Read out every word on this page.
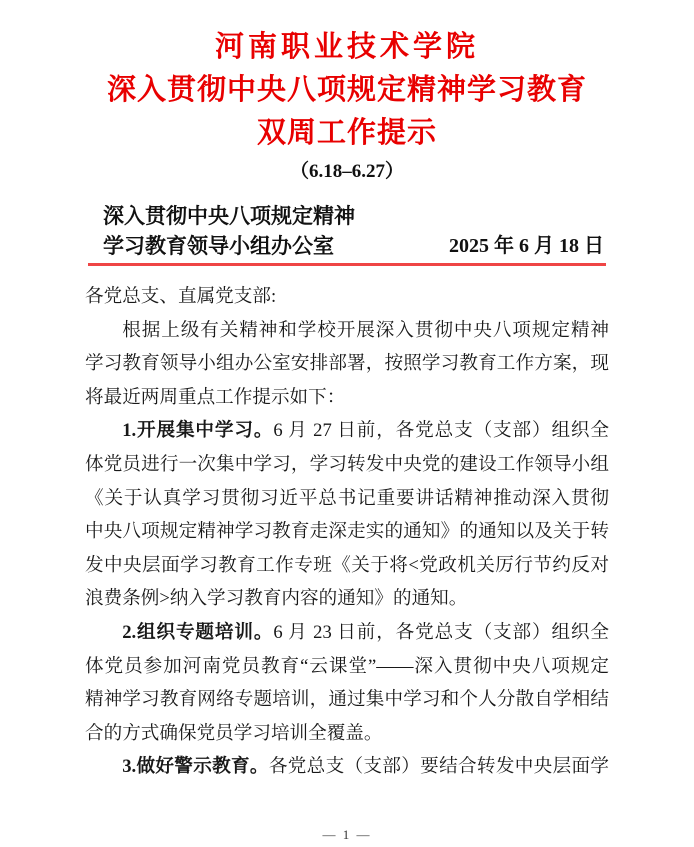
河南职业技术学院
深入贯彻中央八项规定精神学习教育
双周工作提示
（6.18–6.27）
深入贯彻中央八项规定精神
学习教育领导小组办公室	2025 年 6 月 18 日
各党总支、直属党支部:
根据上级有关精神和学校开展深入贯彻中央八项规定精神
学习教育领导小组办公室安排部署，按照学习教育工作方案，现
将最近两周重点工作提示如下：
1.开展集中学习。6 月 27 日前，各党总支（支部）组织全
体党员进行一次集中学习，学习转发中央党的建设工作领导小组
《关于认真学习贯彻习近平总书记重要讲话精神推动深入贯彻
中央八项规定精神学习教育走深走实的通知》的通知以及关于转
发中央层面学习教育工作专班《关于将<党政机关厉行节约反对
浪费条例>纳入学习教育内容的通知》的通知。
2.组织专题培训。6 月 23 日前，各党总支（支部）组织全
体党员参加河南党员教育“云课堂”——深入贯彻中央八项规定
精神学习教育网络专题培训，通过集中学习和个人分散自学相结
合的方式确保党员学习培训全覆盖。
3.做好警示教育。各党总支（支部）要结合转发中央层面学
— 1 —
